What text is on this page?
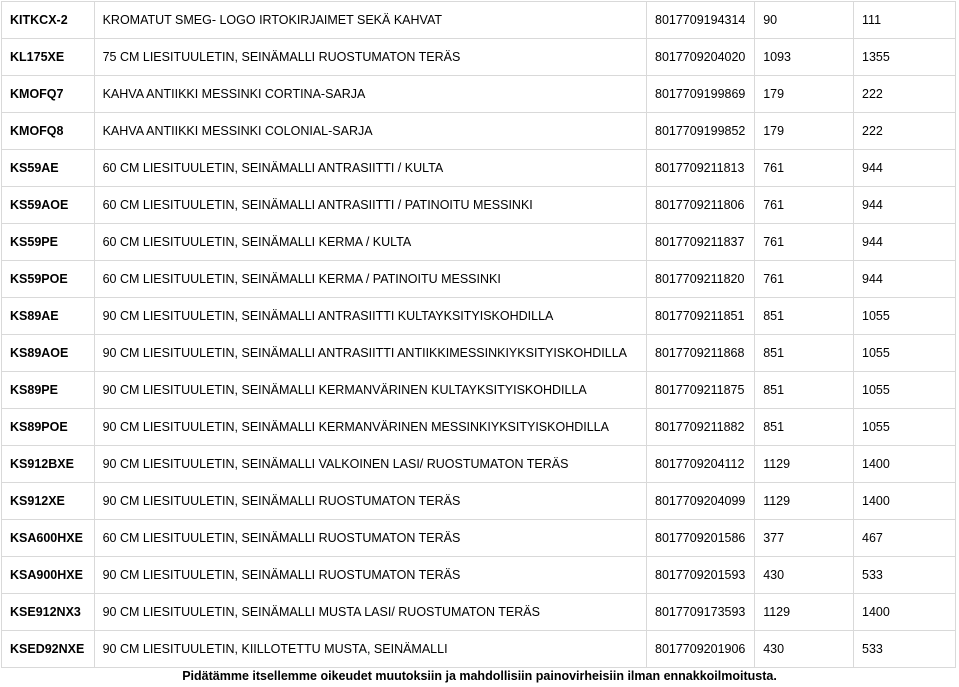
KITKCX-2	KROMATUT SMEG- LOGO IRTOKIRJAIMET SEKÄ KAHVAT	8017709194314	90	111
KL175XE	75 CM LIESITUULETIN, SEINÄMALLI RUOSTUMATON TERÄS	8017709204020	1093	1355
KMOFQ7	KAHVA ANTIIKKI MESSINKI CORTINA-SARJA	8017709199869	179	222
KMOFQ8	KAHVA ANTIIKKI MESSINKI COLONIAL-SARJA	8017709199852	179	222
KS59AE	60 CM LIESITUULETIN, SEINÄMALLI ANTRASIITTI / KULTA	8017709211813	761	944
KS59AOE	60 CM LIESITUULETIN, SEINÄMALLI ANTRASIITTI / PATINOITU MESSINKI	8017709211806	761	944
KS59PE	60 CM LIESITUULETIN, SEINÄMALLI KERMA / KULTA	8017709211837	761	944
KS59POE	60 CM LIESITUULETIN, SEINÄMALLI KERMA / PATINOITU MESSINKI	8017709211820	761	944
KS89AE	90 CM LIESITUULETIN, SEINÄMALLI ANTRASIITTI KULTAYKSITYISKOHDILLA	8017709211851	851	1055
KS89AOE	90 CM LIESITUULETIN, SEINÄMALLI ANTRASIITTI ANTIIKKIMESSINKIYKSITYISKOHDILLA	8017709211868	851	1055
KS89PE	90 CM LIESITUULETIN, SEINÄMALLI KERMANVÄRINEN KULTAYKSITYISKOHDILLA	8017709211875	851	1055
KS89POE	90 CM LIESITUULETIN, SEINÄMALLI KERMANVÄRINEN MESSINKIYKSITYISKOHDILLA	8017709211882	851	1055
KS912BXE	90 CM LIESITUULETIN, SEINÄMALLI VALKOINEN LASI/ RUOSTUMATON TERÄS	8017709204112	1129	1400
KS912XE	90 CM LIESITUULETIN, SEINÄMALLI RUOSTUMATON TERÄS	8017709204099	1129	1400
KSA600HXE	60 CM LIESITUULETIN, SEINÄMALLI RUOSTUMATON TERÄS	8017709201586	377	467
KSA900HXE	90 CM LIESITUULETIN, SEINÄMALLI RUOSTUMATON TERÄS	8017709201593	430	533
KSE912NX3	90 CM LIESITUULETIN, SEINÄMALLI MUSTA LASI/ RUOSTUMATON TERÄS	8017709173593	1129	1400
KSED92NXE	90 CM LIESITUULETIN, KIILLOTETTU MUSTA, SEINÄMALLI	8017709201906	430	533
Pidätämme itsellemme oikeudet muutoksiin ja mahdollisiin painovirheisiin ilman ennakkoilmoitusta.
